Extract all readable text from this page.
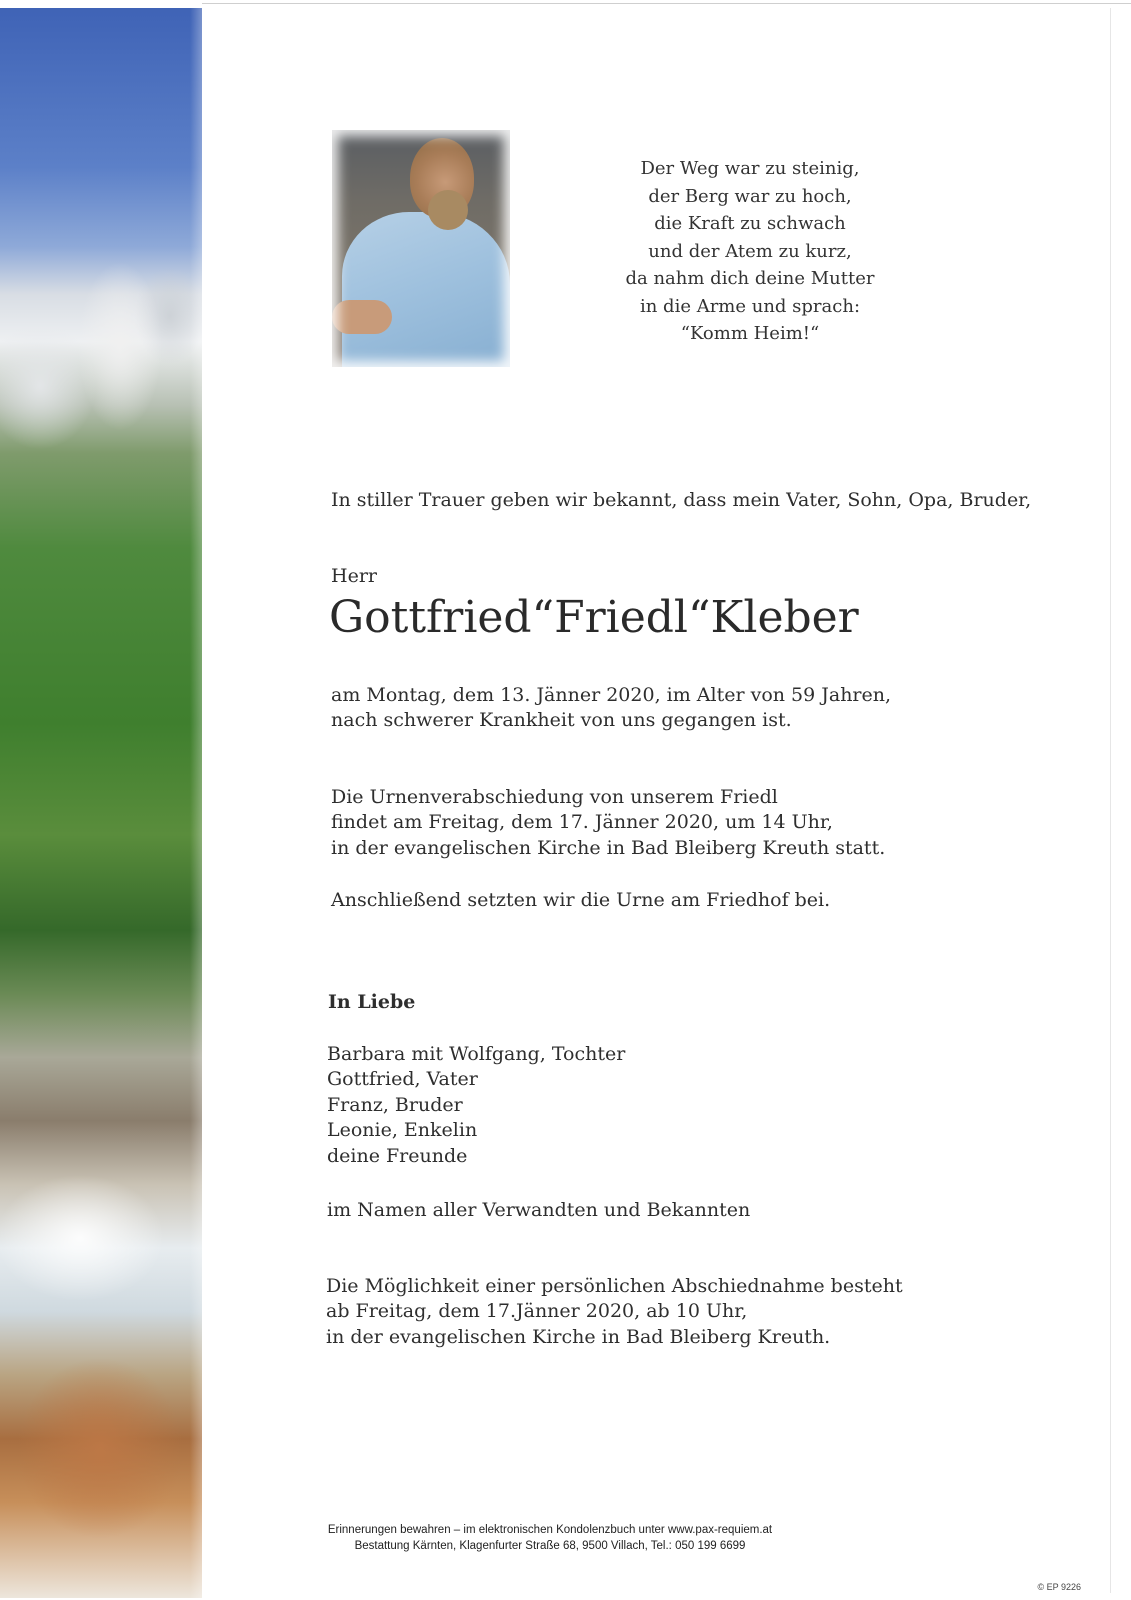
Der Weg war zu steinig,
der Berg war zu hoch,
die Kraft zu schwach
und der Atem zu kurz,
da nahm dich deine Mutter
in die Arme und sprach:
“Komm Heim!“
In stiller Trauer geben wir bekannt, dass mein Vater, Sohn, Opa, Bruder,
Herr
Gottfried“Friedl“Kleber
am Montag, dem 13. Jänner 2020, im Alter von 59 Jahren,
nach schwerer Krankheit von uns gegangen ist.
Die Urnenverabschiedung von unserem Friedl
findet am Freitag, dem 17. Jänner 2020, um 14 Uhr,
in der evangelischen Kirche in Bad Bleiberg Kreuth statt.
Anschließend setzten wir die Urne am Friedhof bei.
In Liebe
Barbara mit Wolfgang, Tochter
Gottfried, Vater
Franz, Bruder
Leonie, Enkelin
deine Freunde
im Namen aller Verwandten und Bekannten
Die Möglichkeit einer persönlichen Abschiednahme besteht
ab Freitag, dem 17.Jänner 2020, ab 10 Uhr,
in der evangelischen Kirche in Bad Bleiberg Kreuth.
Erinnerungen bewahren – im elektronischen Kondolenzbuch unter www.pax-requiem.at
Bestattung Kärnten, Klagenfurter Straße 68, 9500 Villach, Tel.: 050 199 6699
© EP 9226
